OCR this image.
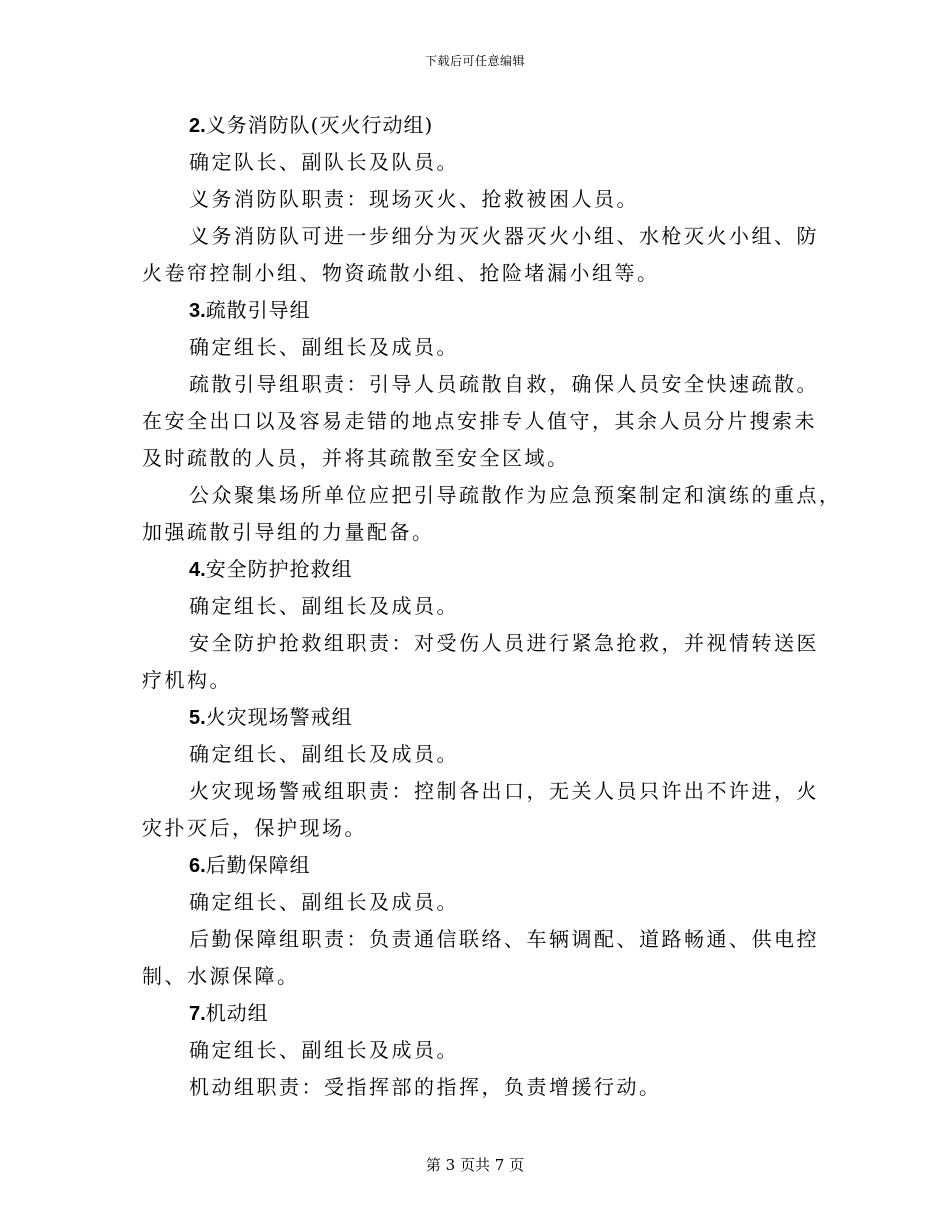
下载后可任意编辑
2.义务消防队(灭火行动组)
确定队长、副队长及队员。
义务消防队职责：现场灭火、抢救被困人员。
义务消防队可进一步细分为灭火器灭火小组、水枪灭火小组、防
火卷帘控制小组、物资疏散小组、抢险堵漏小组等。
3.疏散引导组
确定组长、副组长及成员。
疏散引导组职责：引导人员疏散自救，确保人员安全快速疏散。
在安全出口以及容易走错的地点安排专人值守，其余人员分片搜索未
及时疏散的人员，并将其疏散至安全区域。
公众聚集场所单位应把引导疏散作为应急预案制定和演练的重点，
加强疏散引导组的力量配备。
4.安全防护抢救组
确定组长、副组长及成员。
安全防护抢救组职责：对受伤人员进行紧急抢救，并视情转送医
疗机构。
5.火灾现场警戒组
确定组长、副组长及成员。
火灾现场警戒组职责：控制各出口，无关人员只许出不许进，火
灾扑灭后，保护现场。
6.后勤保障组
确定组长、副组长及成员。
后勤保障组职责：负责通信联络、车辆调配、道路畅通、供电控
制、水源保障。
7.机动组
确定组长、副组长及成员。
机动组职责：受指挥部的指挥，负责增援行动。
第 3 页共 7 页
